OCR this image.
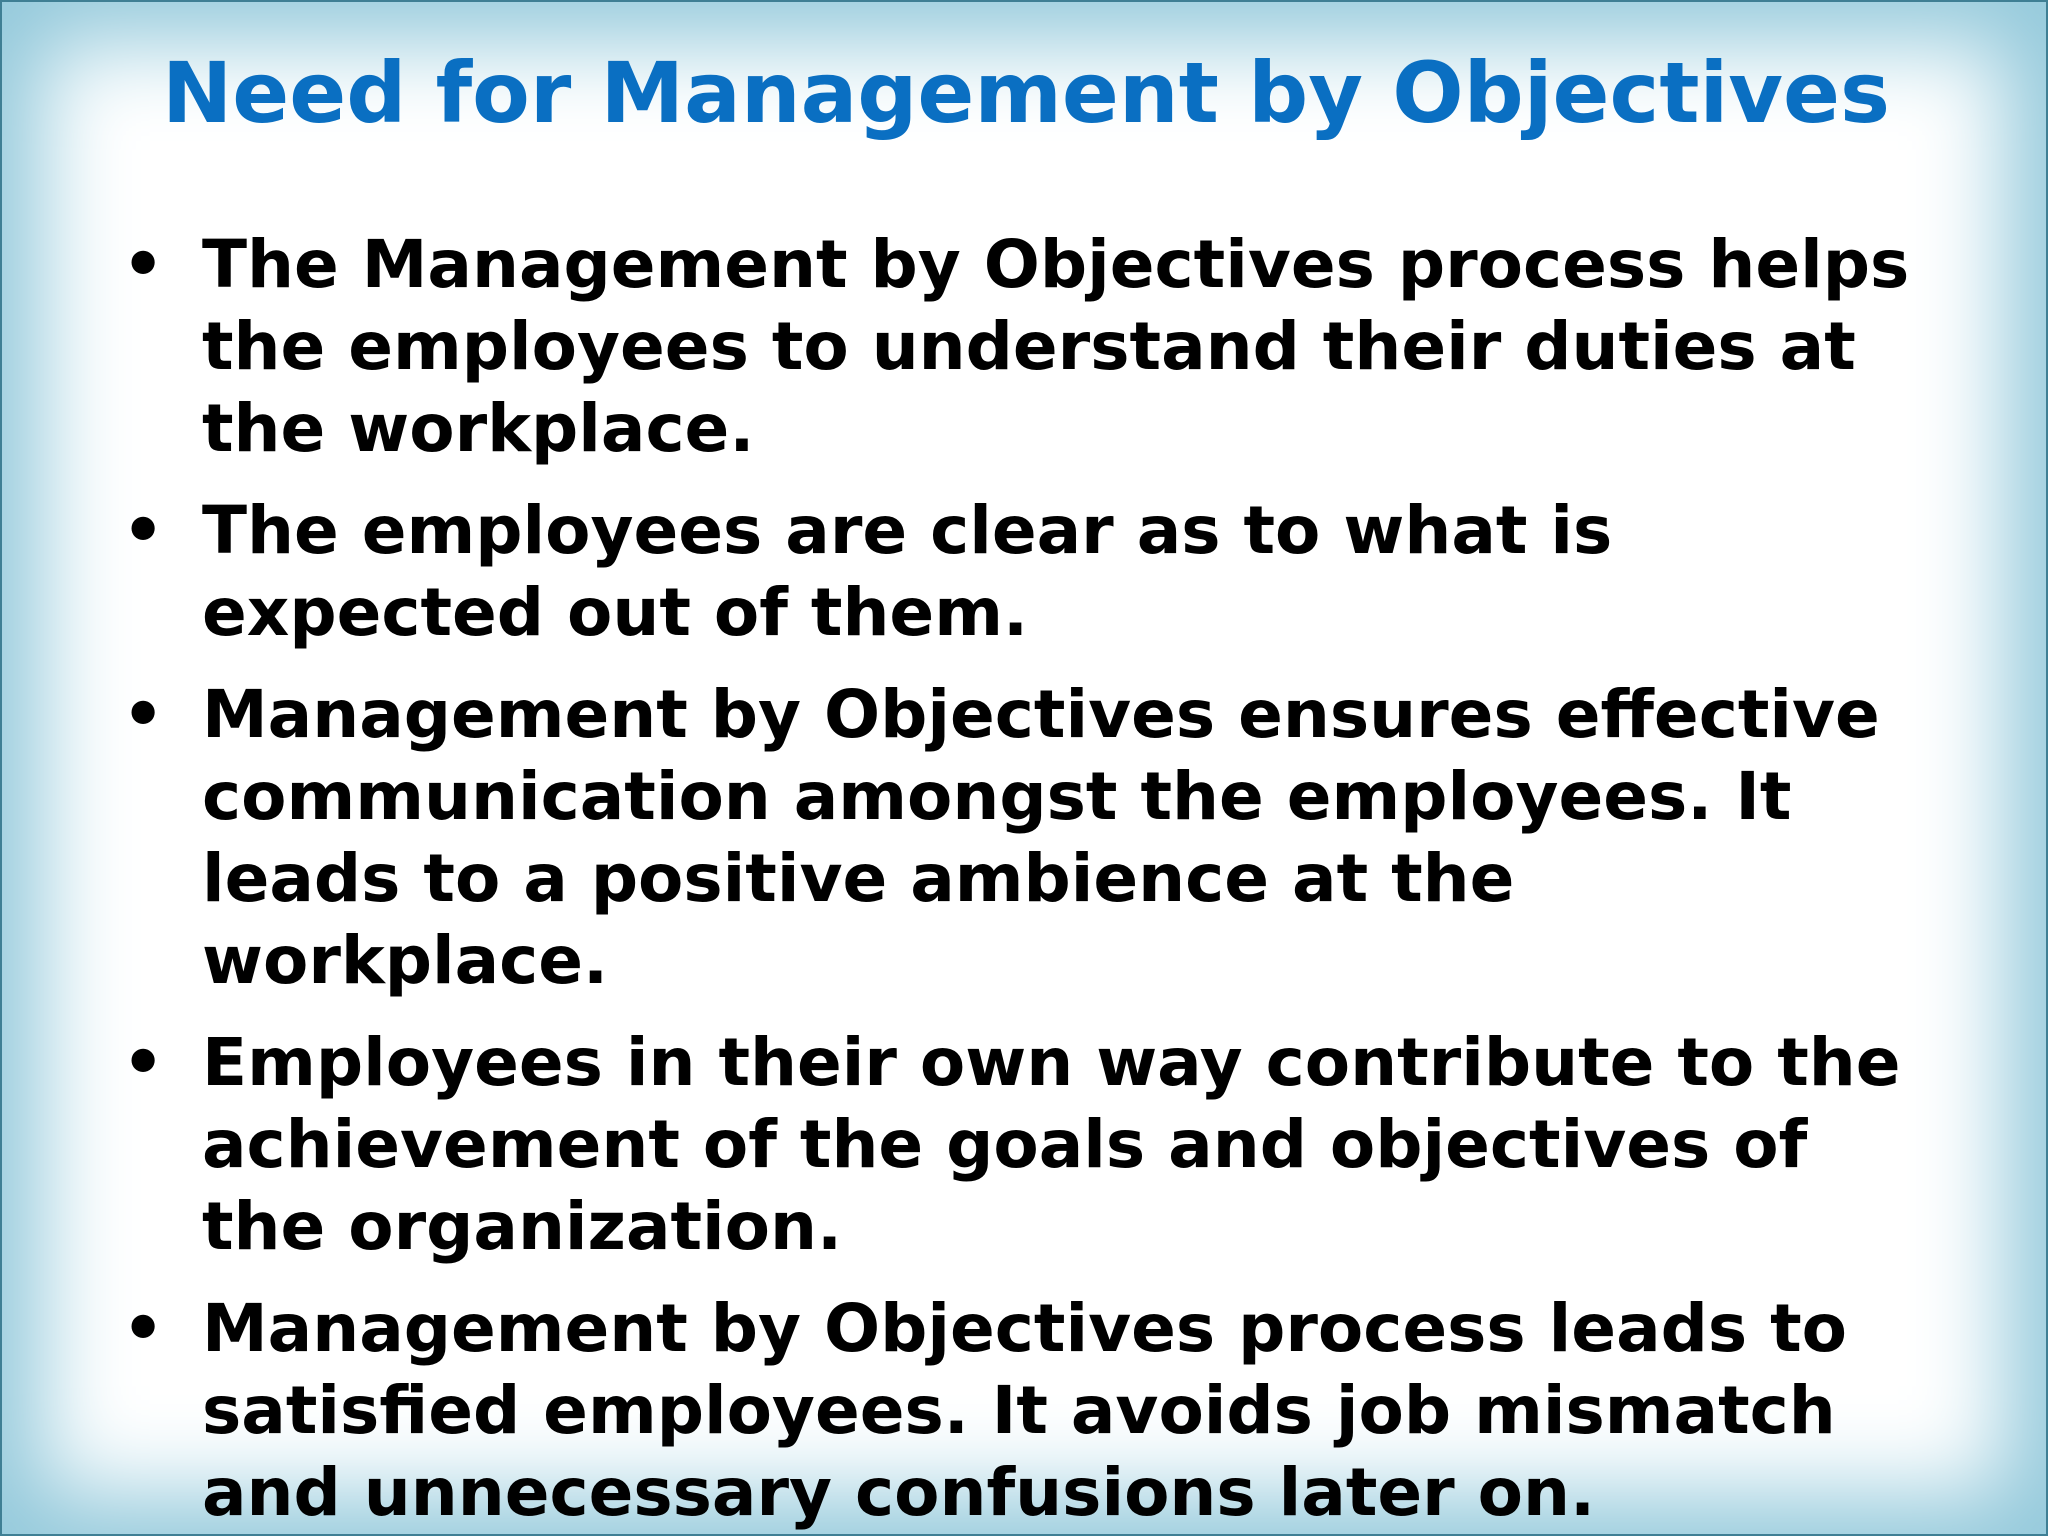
Need for Management by Objectives
• The Management by Objectives process helps the employees to understand their duties at the workplace.
• The employees are clear as to what is expected out of them.
• Management by Objectives ensures effective communication amongst the employees. It leads to a positive ambience at the workplace.
• Employees in their own way contribute to the achievement of the goals and objectives of the organization.
• Management by Objectives process leads to satisfied employees. It avoids job mismatch and unnecessary confusions later on.
